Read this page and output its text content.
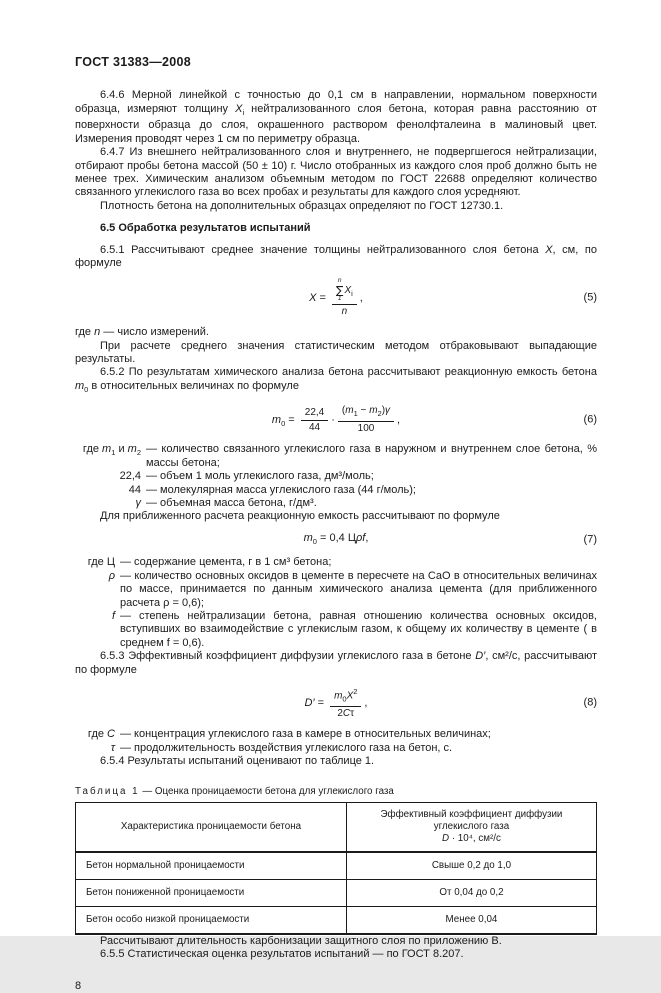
ГОСТ 31383—2008

6.4.6 Мерной линейкой с точностью до 0,1 см в направлении, нормальном поверхности образца, измеряют толщину $X_i$ нейтрализованного слоя бетона, которая равна расстоянию от поверхности образца до слоя, окрашенного раствором фенолфталеина в малиновый цвет. Измерения проводят через 1 см по периметру образца.

6.4.7 Из внешнего нейтрализованного слоя и внутреннего, не подвергшегося нейтрализации, отбирают пробы бетона массой (50 ± 10) г. Число отобранных из каждого слоя проб должно быть не менее трех. Химическим анализом объемным методом по ГОСТ 22688 определяют количество связанного углекислого газа во всех пробах и результаты для каждого слоя усредняют.

Плотность бетона на дополнительных образцах определяют по ГОСТ 12730.1.

6.5 Обработка результатов испытаний

6.5.1 Рассчитывают среднее значение толщины нейтрализованного слоя бетона X, см, по формуле

X = n
∑
1
$X_i$
n ,	(5)

где n — число измерений.

При расчете среднего значения статистическим методом отбраковывают выпадающие результаты.

6.5.2 По результатам химического анализа бетона рассчитывают реакционную емкость бетона $m_0$ в относительных величинах по формуле

$m_0 = \frac{22,4}{44} \cdot \frac{(m_1 - m_2)\gamma}{100}$ ,	(6)
где $m_1$ и $m_2$ — количество связанного углекислого газа в наружном и внутреннем слое бетона, % массы бетона;
22,4 — объем 1 моль углекислого газа, дм³/моль;
44 — молекулярная масса углекислого газа (44 г/моль);
γ — объемная масса бетона, г/дм³.

Для приближенного расчета реакционную емкость рассчитывают по формуле

$m_0 = 0,4$ Цρf,	(7)
где Ц — содержание цемента, г в 1 см³ бетона;
ρ — количество основных оксидов в цементе в пересчете на CaO в относительных величинах по массе, принимается по данным химического анализа цемента (для приближенного расчета ρ = 0,6);
f — степень нейтрализации бетона, равная отношению количества основных оксидов, вступивших во взаимодействие с углекислым газом, к общему их количеству в цементе ( в среднем f = 0,6).

6.5.3 Эффективный коэффициент диффузии углекислого газа в бетоне D′, см²/с, рассчитывают по формуле

$D' = \frac{m_0X^2}{2C\tau}$ ,	(8)
где C — концентрация углекислого газа в камере в относительных величинах;
τ — продолжительность воздействия углекислого газа на бетон, с.

6.5.4 Результаты испытаний оценивают по таблице 1.

Таблица 1 — Оценка проницаемости бетона для углекислого газа
Характеристика проницаемости бетона	Эффективный коэффициент диффузии углекислого газа
D · 10⁴, см²/с
Бетон нормальной проницаемости	Свыше 0,2 до 1,0
Бетон пониженной проницаемости	От 0,04 до 0,2
Бетон особо низкой проницаемости	Менее 0,04

Рассчитывают длительность карбонизации защитного слоя по приложению В.

6.5.5 Статистическая оценка результатов испытаний — по ГОСТ 8.207.

8
